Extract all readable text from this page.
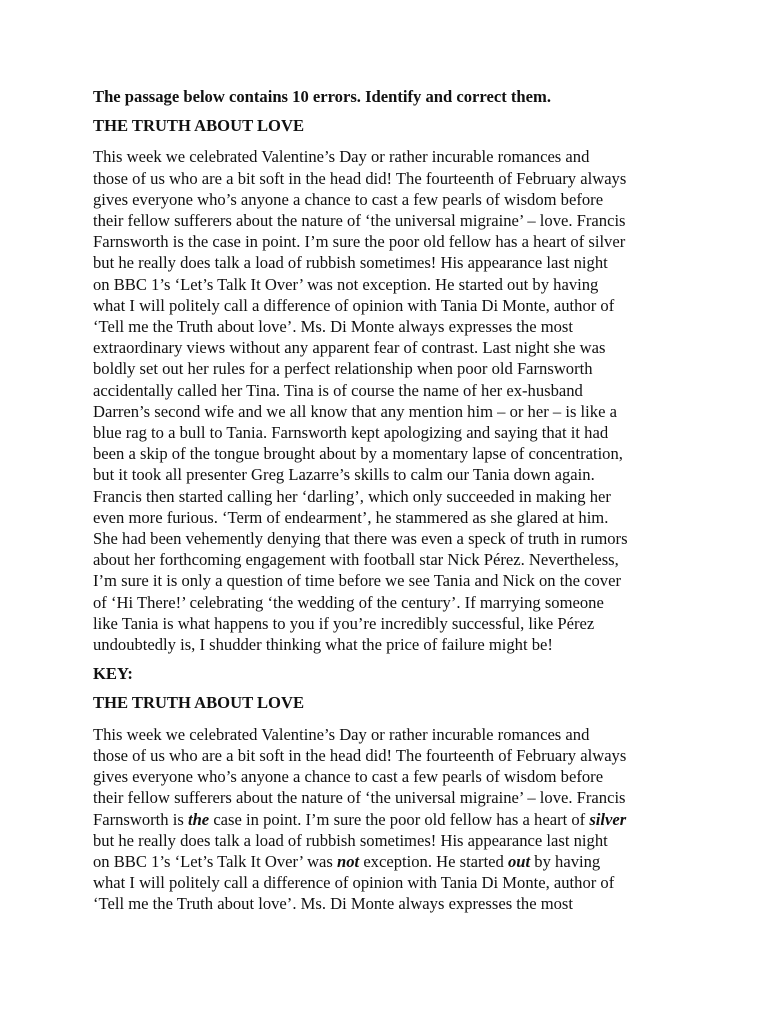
The passage below contains 10 errors. Identify and correct them.

THE TRUTH ABOUT LOVE

This week we celebrated Valentine’s Day or rather incurable romances and
those of us who are a bit soft in the head did! The fourteenth of February always
gives everyone who’s anyone a chance to cast a few pearls of wisdom before
their fellow sufferers about the nature of ‘the universal migraine’ – love. Francis
Farnsworth is the case in point. I’m sure the poor old fellow has a heart of silver
but he really does talk a load of rubbish sometimes! His appearance last night
on BBC 1’s ‘Let’s Talk It Over’ was not exception. He started out by having
what I will politely call a difference of opinion with Tania Di Monte, author of
‘Tell me the Truth about love’. Ms. Di Monte always expresses the most
extraordinary views without any apparent fear of contrast. Last night she was
boldly set out her rules for a perfect relationship when poor old Farnsworth
accidentally called her Tina. Tina is of course the name of her ex-husband
Darren’s second wife and we all know that any mention him – or her – is like a
blue rag to a bull to Tania. Farnsworth kept apologizing and saying that it had
been a skip of the tongue brought about by a momentary lapse of concentration,
but it took all presenter Greg Lazarre’s skills to calm our Tania down again.
Francis then started calling her ‘darling’, which only succeeded in making her
even more furious. ‘Term of endearment’, he stammered as she glared at him.
She had been vehemently denying that there was even a speck of truth in rumors
about her forthcoming engagement with football star Nick Pérez. Nevertheless,
I’m sure it is only a question of time before we see Tania and Nick on the cover
of ‘Hi There!’ celebrating ‘the wedding of the century’. If marrying someone
like Tania is what happens to you if you’re incredibly successful, like Pérez
undoubtedly is, I shudder thinking what the price of failure might be!

KEY:

THE TRUTH ABOUT LOVE

This week we celebrated Valentine’s Day or rather incurable romances and
those of us who are a bit soft in the head did! The fourteenth of February always
gives everyone who’s anyone a chance to cast a few pearls of wisdom before
their fellow sufferers about the nature of ‘the universal migraine’ – love. Francis
Farnsworth is the case in point. I’m sure the poor old fellow has a heart of silver
but he really does talk a load of rubbish sometimes! His appearance last night
on BBC 1’s ‘Let’s Talk It Over’ was not exception. He started out by having
what I will politely call a difference of opinion with Tania Di Monte, author of
‘Tell me the Truth about love’. Ms. Di Monte always expresses the most
